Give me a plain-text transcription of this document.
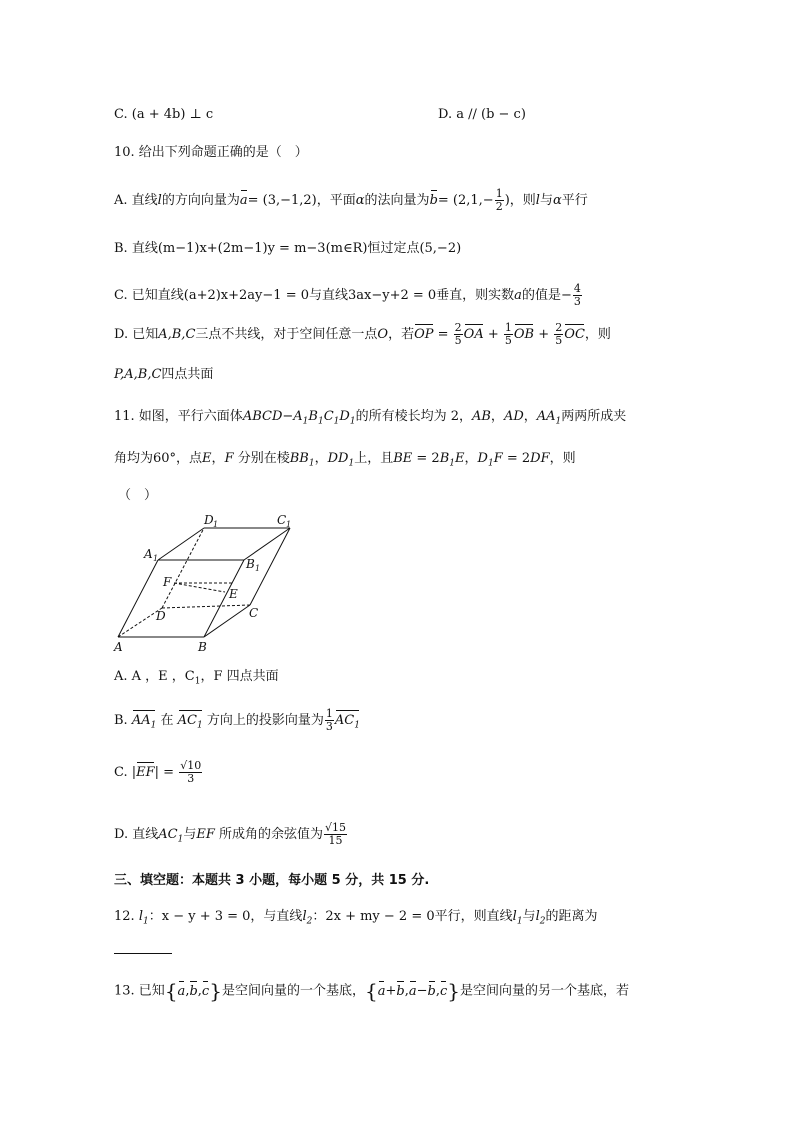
C. (a + 4b) ⊥ c	D. a // (b − c)
10. 给出下列命题正确的是（　）
A. 直线l的方向向量为a= (3,−1,2)，平面α的法向量为$b= (2,1,- \frac{1}{2}$ )，则l与α平行
B. 直线(m−1)x+(2m−1)y = m−3(m∈R)恒过定点(5,−2)
C. 已知直线(a+2)x+2ay−1 = 0与直线3ax−y+2 = 0垂直，则实数a的值是− $\frac{4}{3}$
D. 已知A,B,C三点不共线，对于空间任意一点O，若OP = $\frac{2}{5}$ OA + $\frac{1}{5}$ OB + $\frac{2}{5}$ OC，则
P,A,B,C四点共面
11. 如图，平行六面体$ABCD-A_1B_1C_1D_1$的所有棱长均为 2，AB，AD，$AA_1$两两所成夹
角均为60°，点E，F 分别在棱$BB_1$，$DD_1$上，且BE = $2B_1E$，$D_1F = 2DF$，则
（　）
D 1	C 1
A 1	B 1
F
E
D	C
A	B
A. A ，E ，$C_1$，F 四点共面
B. $AA_1$ 在 $AC_1$ 方向上的投影向量为 $\frac{1}{3} AC_1$
C. $|EF| = \frac{√10}{3}$
D. 直线$AC_1$与EF 所成角的余弦值为 $\frac{√15}{15}$
三、填空题：本题共 3 小题，每小题 5 分，共 15 分.
12. $l_1$：x − y + 3 = 0，与直线$l_2$：2x + my − 2 = 0平行，则直线$l_1$与$l_2$的距离为
13. 已知{a,b,c}是空间向量的一个基底，{a+b,a−b,c}是空间向量的另一个基底，若
